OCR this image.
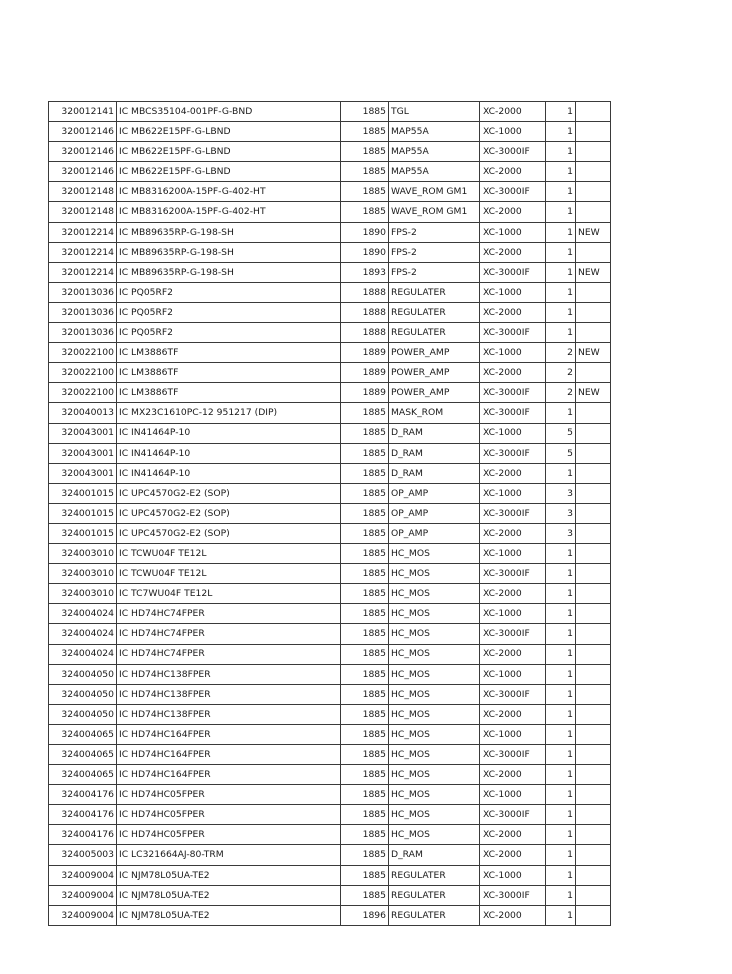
320012141	IC MBCS35104-001PF-G-BND	1885	TGL	XC-2000	1	
320012146	IC MB622E15PF-G-LBND	1885	MAP55A	XC-1000	1	
320012146	IC MB622E15PF-G-LBND	1885	MAP55A	XC-3000IF	1	
320012146	IC MB622E15PF-G-LBND	1885	MAP55A	XC-2000	1	
320012148	IC MB8316200A-15PF-G-402-HT	1885	WAVE_ROM GM1	XC-3000IF	1	
320012148	IC MB8316200A-15PF-G-402-HT	1885	WAVE_ROM GM1	XC-2000	1	
320012214	IC MB89635RP-G-198-SH	1890	FPS-2	XC-1000	1	NEW
320012214	IC MB89635RP-G-198-SH	1890	FPS-2	XC-2000	1	
320012214	IC MB89635RP-G-198-SH	1893	FPS-2	XC-3000IF	1	NEW
320013036	IC PQ05RF2	1888	REGULATER	XC-1000	1	
320013036	IC PQ05RF2	1888	REGULATER	XC-2000	1	
320013036	IC PQ05RF2	1888	REGULATER	XC-3000IF	1	
320022100	IC LM3886TF	1889	POWER_AMP	XC-1000	2	NEW
320022100	IC LM3886TF	1889	POWER_AMP	XC-2000	2	
320022100	IC LM3886TF	1889	POWER_AMP	XC-3000IF	2	NEW
320040013	IC MX23C1610PC-12 951217 (DIP)	1885	MASK_ROM	XC-3000IF	1	
320043001	IC IN41464P-10	1885	D_RAM	XC-1000	5	
320043001	IC IN41464P-10	1885	D_RAM	XC-3000IF	5	
320043001	IC IN41464P-10	1885	D_RAM	XC-2000	1	
324001015	IC UPC4570G2-E2 (SOP)	1885	OP_AMP	XC-1000	3	
324001015	IC UPC4570G2-E2 (SOP)	1885	OP_AMP	XC-3000IF	3	
324001015	IC UPC4570G2-E2 (SOP)	1885	OP_AMP	XC-2000	3	
324003010	IC TCWU04F TE12L	1885	HC_MOS	XC-1000	1	
324003010	IC TCWU04F TE12L	1885	HC_MOS	XC-3000IF	1	
324003010	IC TC7WU04F TE12L	1885	HC_MOS	XC-2000	1	
324004024	IC HD74HC74FPER	1885	HC_MOS	XC-1000	1	
324004024	IC HD74HC74FPER	1885	HC_MOS	XC-3000IF	1	
324004024	IC HD74HC74FPER	1885	HC_MOS	XC-2000	1	
324004050	IC HD74HC138FPER	1885	HC_MOS	XC-1000	1	
324004050	IC HD74HC138FPER	1885	HC_MOS	XC-3000IF	1	
324004050	IC HD74HC138FPER	1885	HC_MOS	XC-2000	1	
324004065	IC HD74HC164FPER	1885	HC_MOS	XC-1000	1	
324004065	IC HD74HC164FPER	1885	HC_MOS	XC-3000IF	1	
324004065	IC HD74HC164FPER	1885	HC_MOS	XC-2000	1	
324004176	IC HD74HC05FPER	1885	HC_MOS	XC-1000	1	
324004176	IC HD74HC05FPER	1885	HC_MOS	XC-3000IF	1	
324004176	IC HD74HC05FPER	1885	HC_MOS	XC-2000	1	
324005003	IC LC321664AJ-80-TRM	1885	D_RAM	XC-2000	1	
324009004	IC NJM78L05UA-TE2	1885	REGULATER	XC-1000	1	
324009004	IC NJM78L05UA-TE2	1885	REGULATER	XC-3000IF	1	
324009004	IC NJM78L05UA-TE2	1896	REGULATER	XC-2000	1	
